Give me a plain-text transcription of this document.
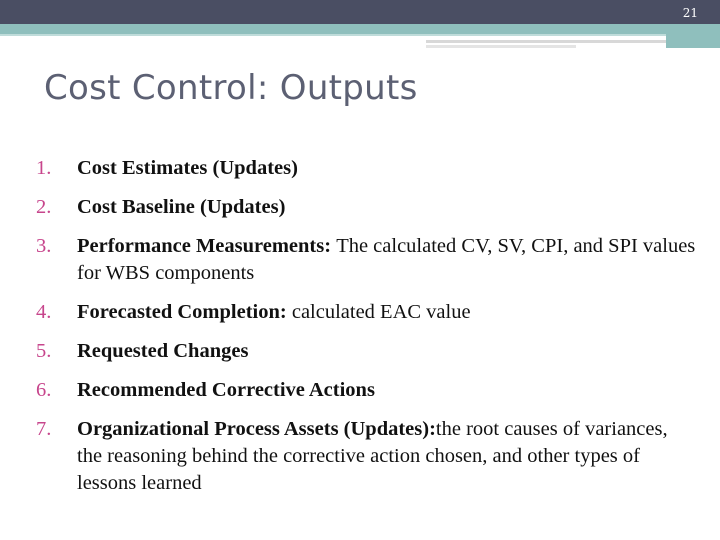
21
Cost Control: Outputs
1. Cost Estimates (Updates)
2. Cost Baseline (Updates)
3. Performance Measurements: The calculated CV, SV, CPI, and SPI values for WBS components
4. Forecasted Completion: calculated EAC value
5. Requested Changes
6. Recommended Corrective Actions
7. Organizational Process Assets (Updates):the root causes of variances, the reasoning behind the corrective action chosen, and other types of lessons learned
